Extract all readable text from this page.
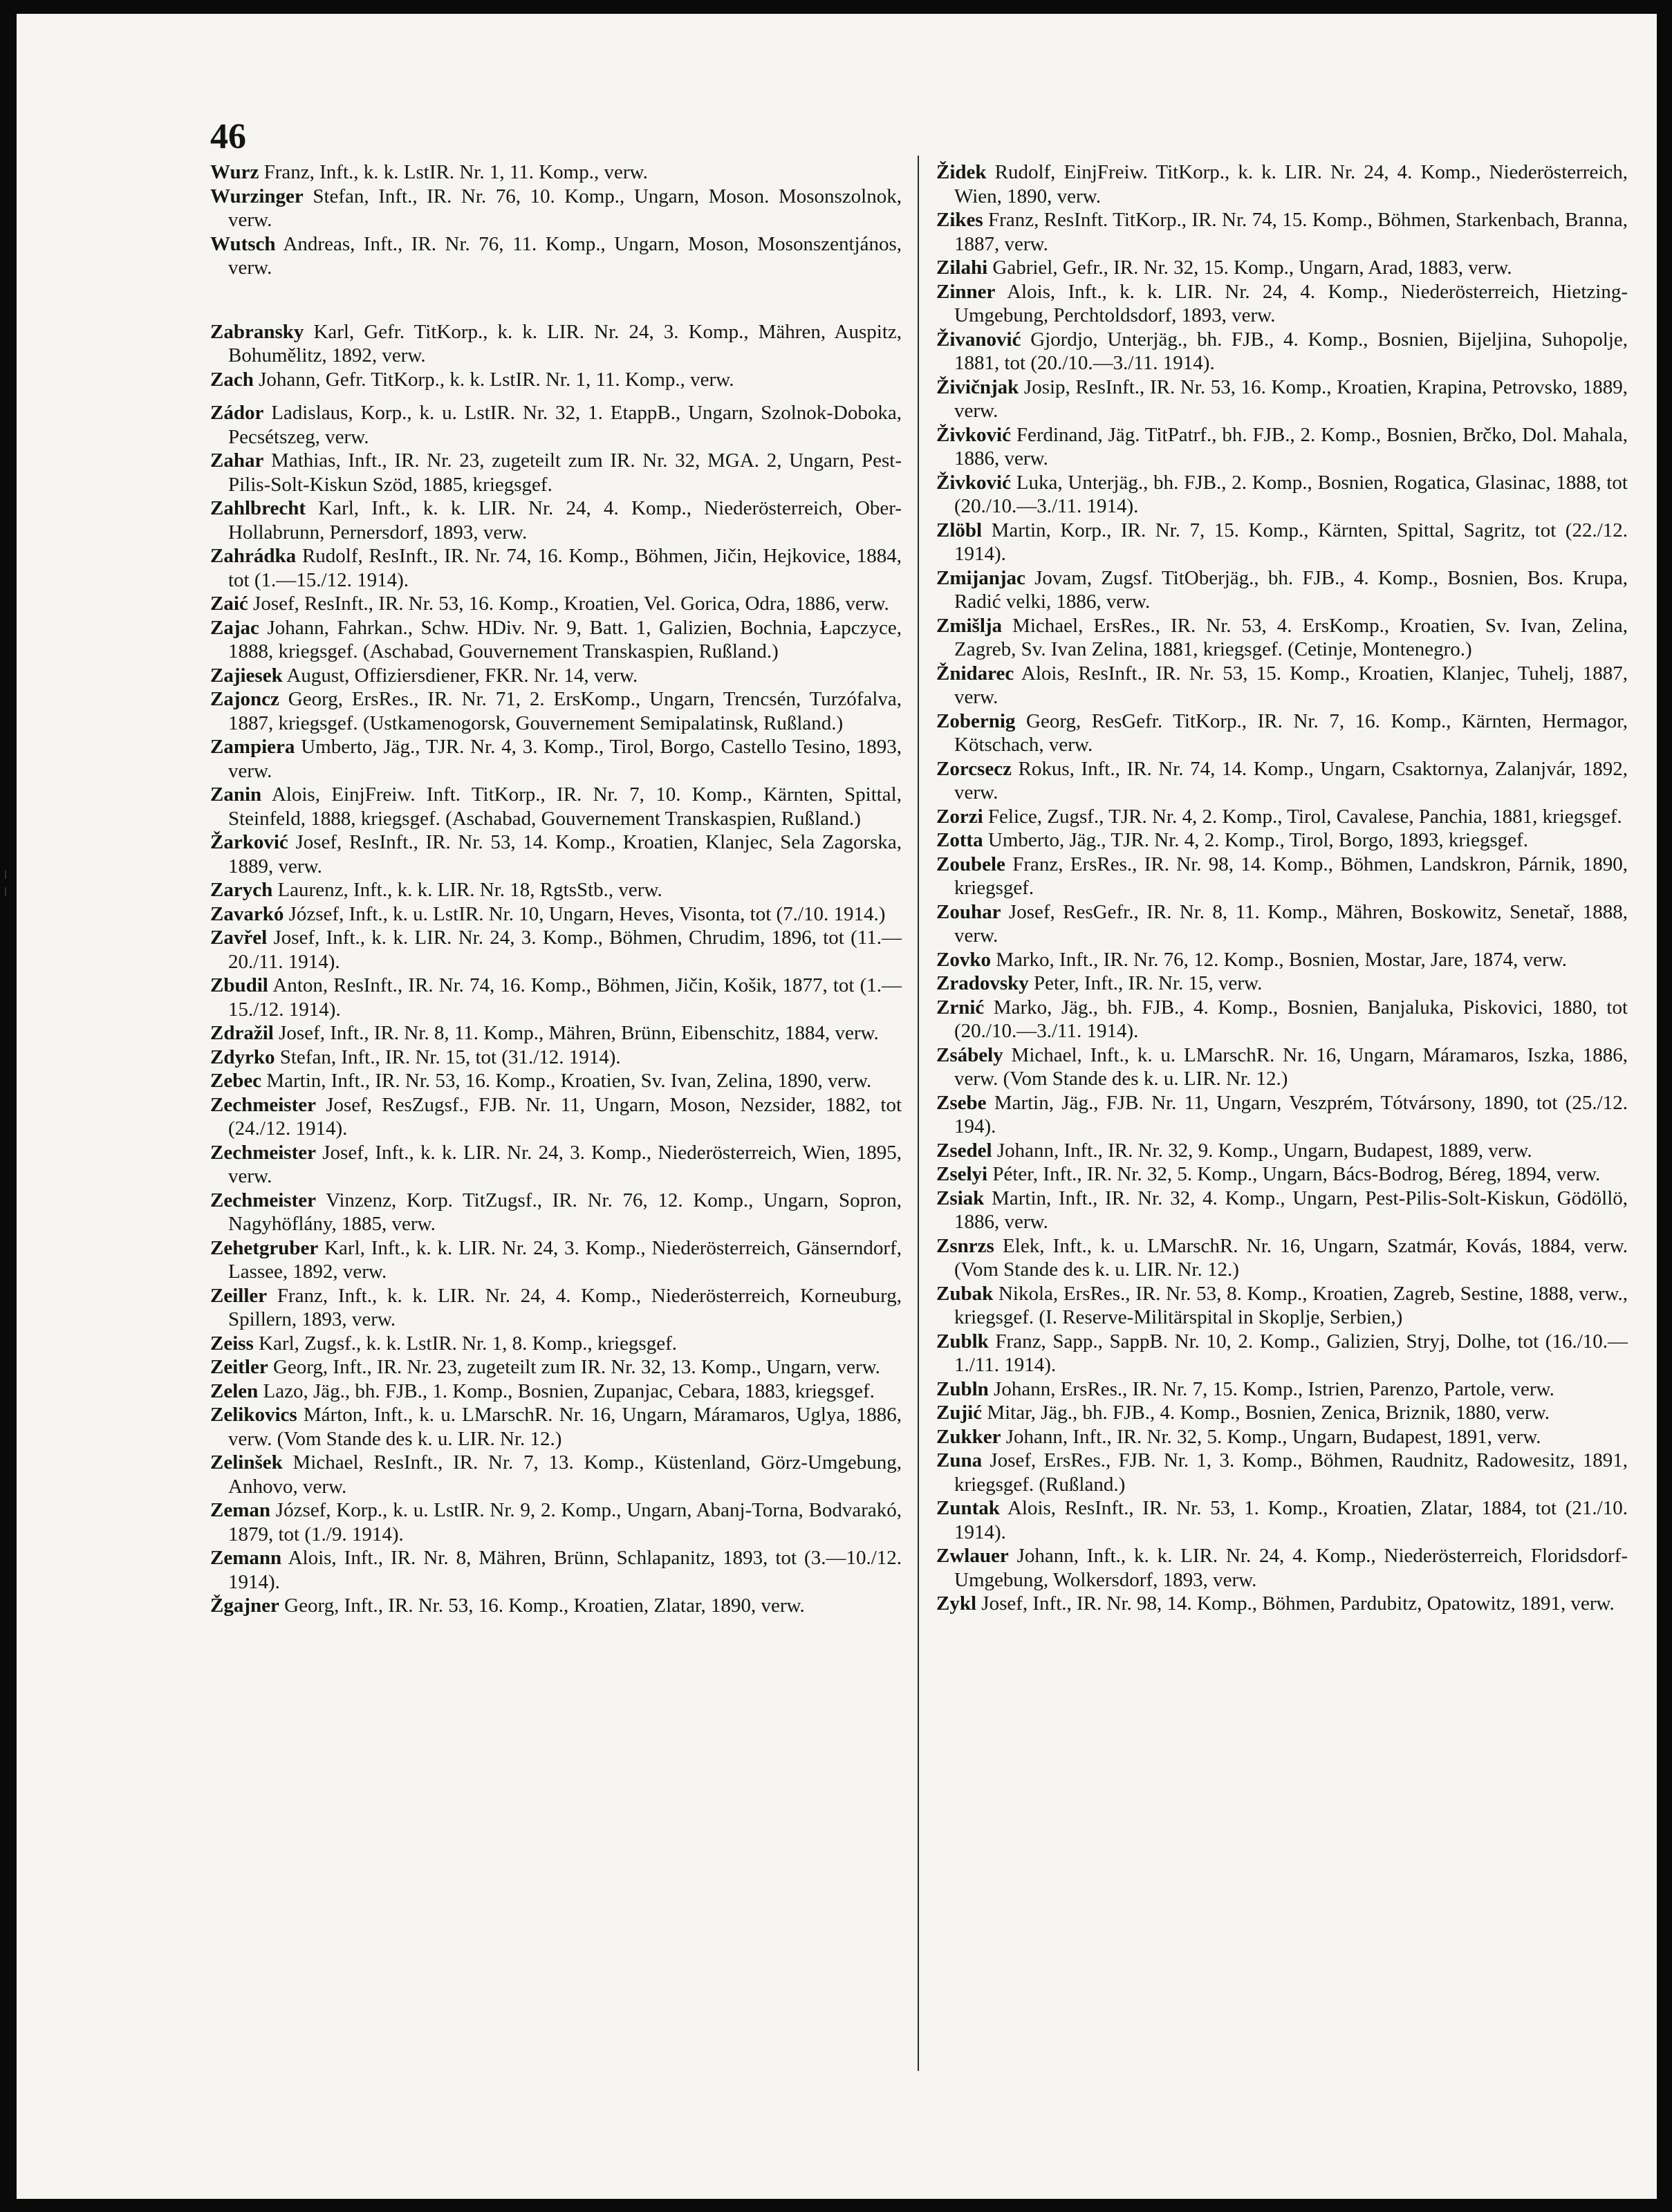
46

Wurz Franz, Inft., k. k. LstIR. Nr. 1, 11. Komp., verw.

Wurzinger Stefan, Inft., IR. Nr. 76, 10. Komp., Ungarn, Moson. Mosonszolnok, verw.

Wutsch Andreas, Inft., IR. Nr. 76, 11. Komp., Ungarn, Moson, Mosonszentjános, verw.

Zabransky Karl, Gefr. TitKorp., k. k. LIR. Nr. 24, 3. Komp., Mähren, Auspitz, Bohumělitz, 1892, verw.

Zach Johann, Gefr. TitKorp., k. k. LstIR. Nr. 1, 11. Komp., verw.

Zádor Ladislaus, Korp., k. u. LstIR. Nr. 32, 1. EtappB., Ungarn, Szolnok-Doboka, Pecsétszeg, verw.

Zahar Mathias, Inft., IR. Nr. 23, zugeteilt zum IR. Nr. 32, MGA. 2, Ungarn, Pest-Pilis-Solt-Kiskun Szöd, 1885, kriegsgef.

Zahlbrecht Karl, Inft., k. k. LIR. Nr. 24, 4. Komp., Niederösterreich, Ober-Hollabrunn, Pernersdorf, 1893, verw.

Zahrádka Rudolf, ResInft., IR. Nr. 74, 16. Komp., Böhmen, Jičin, Hejkovice, 1884, tot (1.—15./12. 1914).

Zaić Josef, ResInft., IR. Nr. 53, 16. Komp., Kroatien, Vel. Gorica, Odra, 1886, verw.

Zajac Johann, Fahrkan., Schw. HDiv. Nr. 9, Batt. 1, Galizien, Bochnia, Łapczyce, 1888, kriegsgef. (Aschabad, Gouvernement Transkaspien, Rußland.)

Zajiesek August, Offiziersdiener, FKR. Nr. 14, verw.

Zajoncz Georg, ErsRes., IR. Nr. 71, 2. ErsKomp., Ungarn, Trencsén, Turzófalva, 1887, kriegsgef. (Ustkamenogorsk, Gouvernement Semipalatinsk, Rußland.)

Zampiera Umberto, Jäg., TJR. Nr. 4, 3. Komp., Tirol, Borgo, Castello Tesino, 1893, verw.

Zanin Alois, EinjFreiw. Inft. TitKorp., IR. Nr. 7, 10. Komp., Kärnten, Spittal, Steinfeld, 1888, kriegsgef. (Aschabad, Gouvernement Transkaspien, Rußland.)

Žarković Josef, ResInft., IR. Nr. 53, 14. Komp., Kroatien, Klanjec, Sela Zagorska, 1889, verw.

Zarych Laurenz, Inft., k. k. LIR. Nr. 18, RgtsStb., verw.

Zavarkó József, Inft., k. u. LstIR. Nr. 10, Ungarn, Heves, Visonta, tot (7./10. 1914.)

Zavřel Josef, Inft., k. k. LIR. Nr. 24, 3. Komp., Böhmen, Chrudim, 1896, tot (11.—20./11. 1914).

Zbudil Anton, ResInft., IR. Nr. 74, 16. Komp., Böhmen, Jičin, Košik, 1877, tot (1.—15./12. 1914).

Zdražil Josef, Inft., IR. Nr. 8, 11. Komp., Mähren, Brünn, Eibenschitz, 1884, verw.

Zdyrko Stefan, Inft., IR. Nr. 15, tot (31./12. 1914).

Zebec Martin, Inft., IR. Nr. 53, 16. Komp., Kroatien, Sv. Ivan, Zelina, 1890, verw.

Zechmeister Josef, ResZugsf., FJB. Nr. 11, Ungarn, Moson, Nezsider, 1882, tot (24./12. 1914).

Zechmeister Josef, Inft., k. k. LIR. Nr. 24, 3. Komp., Niederösterreich, Wien, 1895, verw.

Zechmeister Vinzenz, Korp. TitZugsf., IR. Nr. 76, 12. Komp., Ungarn, Sopron, Nagyhöflány, 1885, verw.

Zehetgruber Karl, Inft., k. k. LIR. Nr. 24, 3. Komp., Niederösterreich, Gänserndorf, Lassee, 1892, verw.

Zeiller Franz, Inft., k. k. LIR. Nr. 24, 4. Komp., Niederösterreich, Korneuburg, Spillern, 1893, verw.

Zeiss Karl, Zugsf., k. k. LstIR. Nr. 1, 8. Komp., kriegsgef.

Zeitler Georg, Inft., IR. Nr. 23, zugeteilt zum IR. Nr. 32, 13. Komp., Ungarn, verw.

Zelen Lazo, Jäg., bh. FJB., 1. Komp., Bosnien, Zupanjac, Cebara, 1883, kriegsgef.

Zelikovics Márton, Inft., k. u. LMarschR. Nr. 16, Ungarn, Máramaros, Uglya, 1886, verw. (Vom Stande des k. u. LIR. Nr. 12.)

Zelinšek Michael, ResInft., IR. Nr. 7, 13. Komp., Küstenland, Görz-Umgebung, Anhovo, verw.

Zeman József, Korp., k. u. LstIR. Nr. 9, 2. Komp., Ungarn, Abanj-Torna, Bodvarakó, 1879, tot (1./9. 1914).

Zemann Alois, Inft., IR. Nr. 8, Mähren, Brünn, Schlapanitz, 1893, tot (3.—10./12. 1914).

Žgajner Georg, Inft., IR. Nr. 53, 16. Komp., Kroatien, Zlatar, 1890, verw.

Židek Rudolf, EinjFreiw. TitKorp., k. k. LIR. Nr. 24, 4. Komp., Niederösterreich, Wien, 1890, verw.

Zikes Franz, ResInft. TitKorp., IR. Nr. 74, 15. Komp., Böhmen, Starkenbach, Branna, 1887, verw.

Zilahi Gabriel, Gefr., IR. Nr. 32, 15. Komp., Ungarn, Arad, 1883, verw.

Zinner Alois, Inft., k. k. LIR. Nr. 24, 4. Komp., Niederösterreich, Hietzing-Umgebung, Perchtoldsdorf, 1893, verw.

Živanović Gjordjo, Unterjäg., bh. FJB., 4. Komp., Bosnien, Bijeljina, Suhopolje, 1881, tot (20./10.—3./11. 1914).

Živičnjak Josip, ResInft., IR. Nr. 53, 16. Komp., Kroatien, Krapina, Petrovsko, 1889, verw.

Živković Ferdinand, Jäg. TitPatrf., bh. FJB., 2. Komp., Bosnien, Brčko, Dol. Mahala, 1886, verw.

Živković Luka, Unterjäg., bh. FJB., 2. Komp., Bosnien, Rogatica, Glasinac, 1888, tot (20./10.—3./11. 1914).

Zlöbl Martin, Korp., IR. Nr. 7, 15. Komp., Kärnten, Spittal, Sagritz, tot (22./12. 1914).

Zmijanjac Jovam, Zugsf. TitOberjäg., bh. FJB., 4. Komp., Bosnien, Bos. Krupa, Radić velki, 1886, verw.

Zmišlja Michael, ErsRes., IR. Nr. 53, 4. ErsKomp., Kroatien, Sv. Ivan, Zelina, Zagreb, Sv. Ivan Zelina, 1881, kriegsgef. (Cetinje, Montenegro.)

Žnidarec Alois, ResInft., IR. Nr. 53, 15. Komp., Kroatien, Klanjec, Tuhelj, 1887, verw.

Zobernig Georg, ResGefr. TitKorp., IR. Nr. 7, 16. Komp., Kärnten, Hermagor, Kötschach, verw.

Zorcsecz Rokus, Inft., IR. Nr. 74, 14. Komp., Ungarn, Csaktornya, Zalanjvár, 1892, verw.

Zorzi Felice, Zugsf., TJR. Nr. 4, 2. Komp., Tirol, Cavalese, Panchia, 1881, kriegsgef.

Zotta Umberto, Jäg., TJR. Nr. 4, 2. Komp., Tirol, Borgo, 1893, kriegsgef.

Zoubele Franz, ErsRes., IR. Nr. 98, 14. Komp., Böhmen, Landskron, Párnik, 1890, kriegsgef.

Zouhar Josef, ResGefr., IR. Nr. 8, 11. Komp., Mähren, Boskowitz, Senetař, 1888, verw.

Zovko Marko, Inft., IR. Nr. 76, 12. Komp., Bosnien, Mostar, Jare, 1874, verw.

Zradovsky Peter, Inft., IR. Nr. 15, verw.

Zrnić Marko, Jäg., bh. FJB., 4. Komp., Bosnien, Banjaluka, Piskovici, 1880, tot (20./10.—3./11. 1914).

Zsábely Michael, Inft., k. u. LMarschR. Nr. 16, Ungarn, Máramaros, Iszka, 1886, verw. (Vom Stande des k. u. LIR. Nr. 12.)

Zsebe Martin, Jäg., FJB. Nr. 11, Ungarn, Veszprém, Tótvársony, 1890, tot (25./12. 194).

Zsedel Johann, Inft., IR. Nr. 32, 9. Komp., Ungarn, Budapest, 1889, verw.

Zselyi Péter, Inft., IR. Nr. 32, 5. Komp., Ungarn, Bács-Bodrog, Béreg, 1894, verw.

Zsiak Martin, Inft., IR. Nr. 32, 4. Komp., Ungarn, Pest-Pilis-Solt-Kiskun, Gödöllö, 1886, verw.

Zsnrzs Elek, Inft., k. u. LMarschR. Nr. 16, Ungarn, Szatmár, Kovás, 1884, verw. (Vom Stande des k. u. LIR. Nr. 12.)

Zubak Nikola, ErsRes., IR. Nr. 53, 8. Komp., Kroatien, Zagreb, Sestine, 1888, verw., kriegsgef. (I. Reserve-Militärspital in Skoplje, Serbien,)

Zublk Franz, Sapp., SappB. Nr. 10, 2. Komp., Galizien, Stryj, Dolhe, tot (16./10.—1./11. 1914).

Zubln Johann, ErsRes., IR. Nr. 7, 15. Komp., Istrien, Parenzo, Partole, verw.

Zujić Mitar, Jäg., bh. FJB., 4. Komp., Bosnien, Zenica, Briznik, 1880, verw.

Zukker Johann, Inft., IR. Nr. 32, 5. Komp., Ungarn, Budapest, 1891, verw.

Zuna Josef, ErsRes., FJB. Nr. 1, 3. Komp., Böhmen, Raudnitz, Radowesitz, 1891, kriegsgef. (Rußland.)

Zuntak Alois, ResInft., IR. Nr. 53, 1. Komp., Kroatien, Zlatar, 1884, tot (21./10. 1914).

Zwlauer Johann, Inft., k. k. LIR. Nr. 24, 4. Komp., Niederösterreich, Floridsdorf-Umgebung, Wolkersdorf, 1893, verw.

Zykl Josef, Inft., IR. Nr. 98, 14. Komp., Böhmen, Pardubitz, Opatowitz, 1891, verw.

¦
